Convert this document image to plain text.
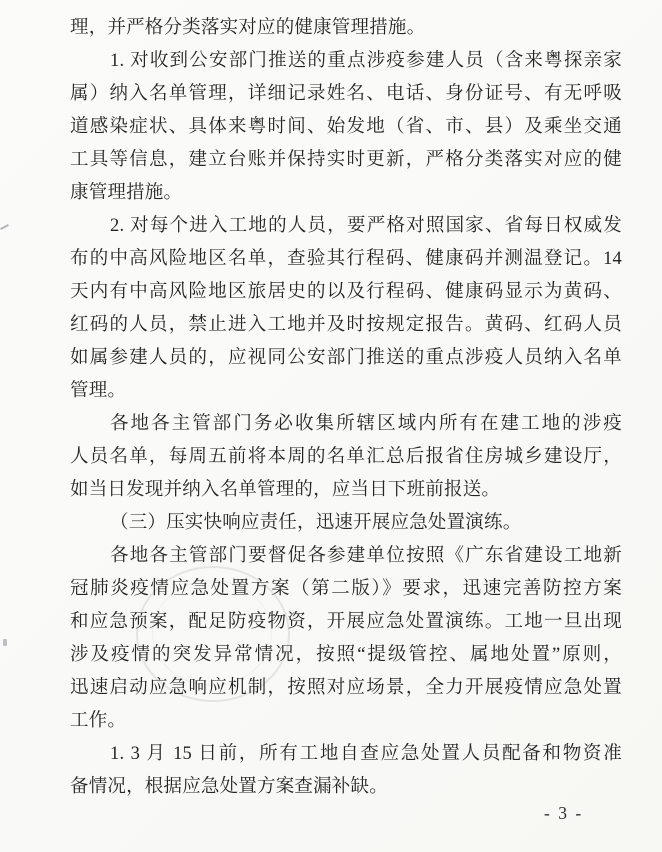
理，并严格分类落实对应的健康管理措施。
1. 对收到公安部门推送的重点涉疫参建人员（含来粤探亲家
属）纳入名单管理，详细记录姓名、电话、身份证号、有无呼吸
道感染症状、具体来粤时间、始发地（省、市、县）及乘坐交通
工具等信息，建立台账并保持实时更新，严格分类落实对应的健
康管理措施。
2. 对每个进入工地的人员，要严格对照国家、省每日权威发
布的中高风险地区名单，查验其行程码、健康码并测温登记。14
天内有中高风险地区旅居史的以及行程码、健康码显示为黄码、
红码的人员，禁止进入工地并及时按规定报告。黄码、红码人员
如属参建人员的，应视同公安部门推送的重点涉疫人员纳入名单
管理。
各地各主管部门务必收集所辖区域内所有在建工地的涉疫
人员名单，每周五前将本周的名单汇总后报省住房城乡建设厅，
如当日发现并纳入名单管理的，应当日下班前报送。
（三）压实快响应责任，迅速开展应急处置演练。
各地各主管部门要督促各参建单位按照《广东省建设工地新
冠肺炎疫情应急处置方案（第二版）》要求，迅速完善防控方案
和应急预案，配足防疫物资，开展应急处置演练。工地一旦出现
涉及疫情的突发异常情况，按照“提级管控、属地处置”原则，
迅速启动应急响应机制，按照对应场景，全力开展疫情应急处置
工作。
1. 3 月 15 日前，所有工地自查应急处置人员配备和物资准
备情况，根据应急处置方案查漏补缺。
- 3 -
